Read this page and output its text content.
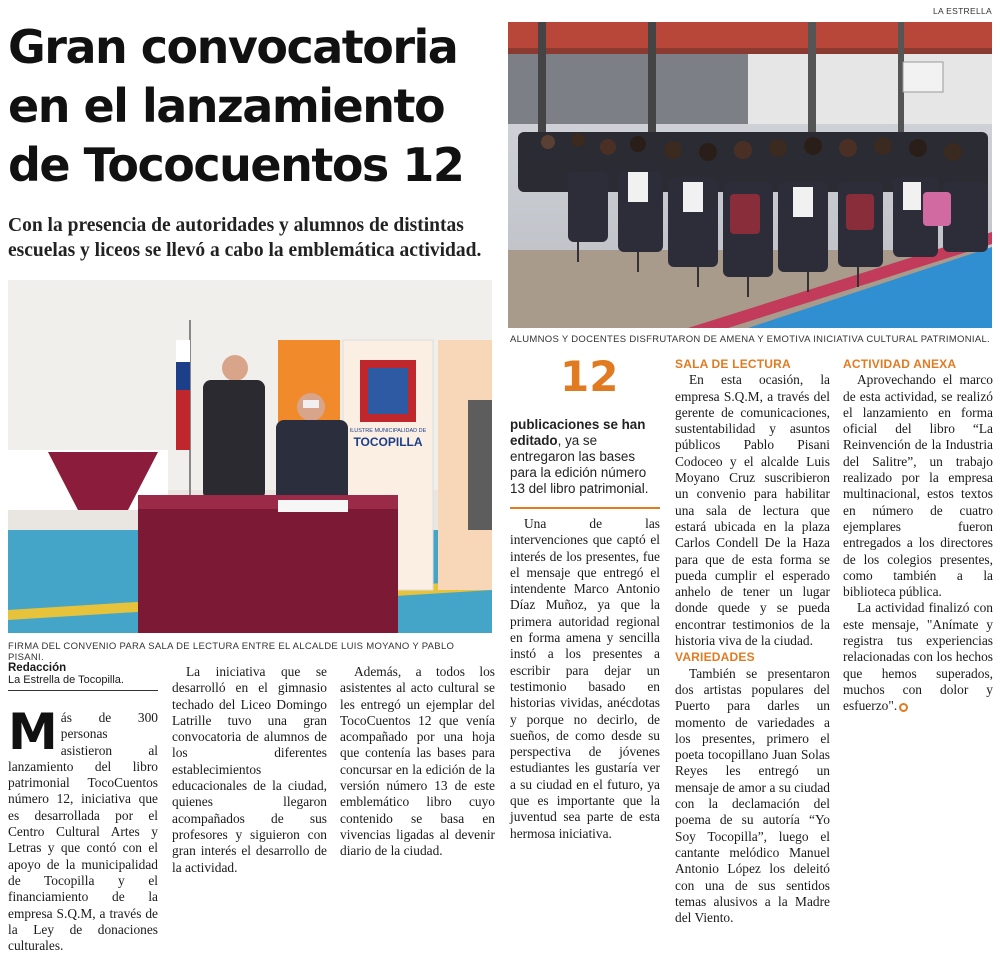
Gran convocatoria en el lanzamiento de Tococuentos 12
Con la presencia de autoridades y alumnos de distintas escuelas y liceos se llevó a cabo la emblemática actividad.
LA ESTRELLA
ALUMNOS Y DOCENTES DISFRUTARON DE AMENA Y EMOTIVA INICIATIVA CULTURAL PATRIMONIAL.
ILUSTRE MUNICIPALIDAD DE
TOCOPILLA
FIRMA DEL CONVENIO PARA SALA DE LECTURA ENTRE EL ALCALDE LUIS MOYANO Y PABLO PISANI.
Redacción
La Estrella de Tocopilla.

Más de 300 personas asistieron al lanzamiento del libro patrimonial TocoCuentos número 12, iniciativa que es desarrollada por el Centro Cultural Artes y Letras y que contó con el apoyo de la municipalidad de Tocopilla y el financiamiento de la empresa S.Q.M, a través de la Ley de donaciones culturales.

La iniciativa que se desarrolló en el gimnasio techado del Liceo Domingo Latrille tuvo una gran convocatoria de alumnos de los diferentes establecimientos educacionales de la ciudad, quienes llegaron acompañados de sus profesores y siguieron con gran interés el desarrollo de la actividad.

Además, a todos los asistentes al acto cultural se les entregó un ejemplar del TocoCuentos 12 que venía acompañado por una hoja que contenía las bases para concursar en la edición de la versión número 13 de este emblemático libro cuyo contenido se basa en vivencias ligadas al devenir diario de la ciudad.

12
publicaciones se han editado, ya se entregaron las bases para la edición número 13 del libro patrimonial.

Una de las intervenciones que captó el interés de los presentes, fue el mensaje que entregó el intendente Marco Antonio Díaz Muñoz, ya que la primera autoridad regional en forma amena y sencilla instó a los presentes a escribir para dejar un testimonio basado en historias vividas, anécdotas y porque no decirlo, de sueños, de como desde su perspectiva de jóvenes estudiantes les gustaría ver a su ciudad en el futuro, ya que es importante que la juventud sea parte de esta hermosa iniciativa.

SALA DE LECTURA

En esta ocasión, la empresa S.Q.M, a través del gerente de comunicaciones, sustentabilidad y asuntos públicos Pablo Pisani Codoceo y el alcalde Luis Moyano Cruz suscribieron un convenio para habilitar una sala de lectura que estará ubicada en la plaza Carlos Condell De la Haza para que de esta forma se pueda cumplir el esperado anhelo de tener un lugar donde quede y se pueda encontrar testimonios de la historia viva de la ciudad.

VARIEDADES

También se presentaron dos artistas populares del Puerto para darles un momento de variedades a los presentes, primero el poeta tocopillano Juan Solas Reyes les entregó un mensaje de amor a su ciudad con la declamación del poema de su autoría “Yo Soy Tocopilla”, luego el cantante melódico Manuel Antonio López los deleitó con una de sus sentidos temas alusivos a la Madre del Viento.

ACTIVIDAD ANEXA

Aprovechando el marco de esta actividad, se realizó el lanzamiento en forma oficial del libro “La Reinvención de la Industria del Salitre”, un trabajo realizado por la empresa multinacional, estos textos en número de cuatro ejemplares fueron entregados a los directores de los colegios presentes, como también a la biblioteca pública.

La actividad finalizó con este mensaje, "Anímate y registra tus experiencias relacionadas con los hechos que hemos superados, muchos con dolor y esfuerzo".
